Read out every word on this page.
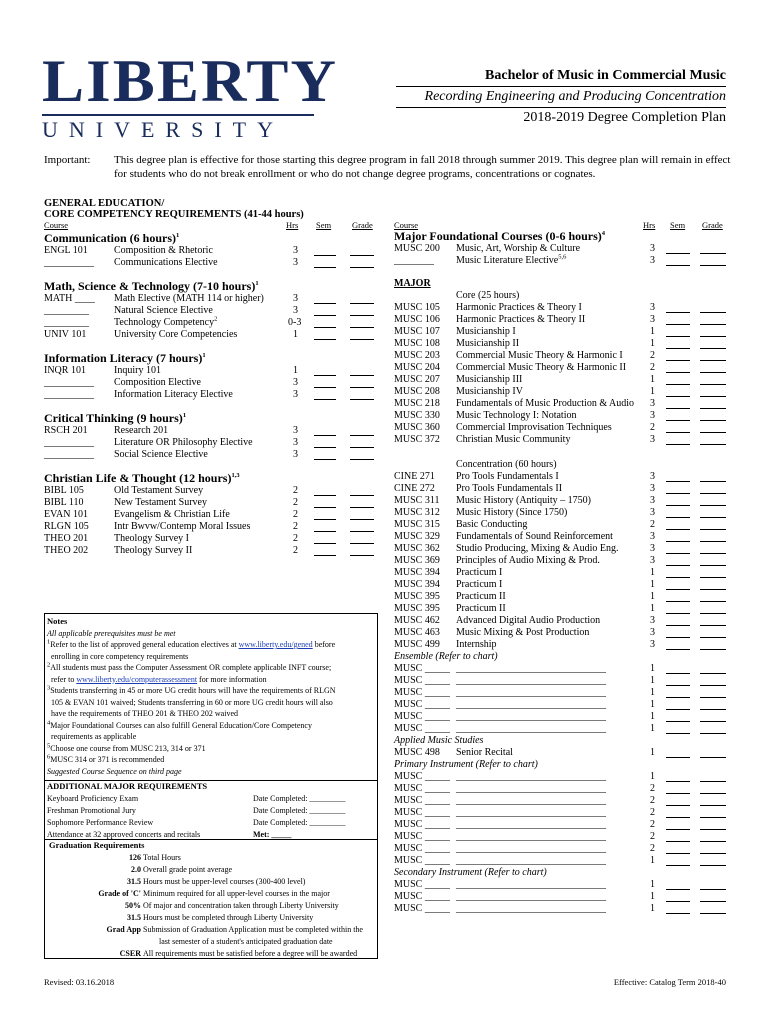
LIBERTY
UNIVERSITY
Bachelor of Music in Commercial Music
Recording Engineering and Producing Concentration
2018-2019 Degree Completion Plan
Important:	This degree plan is effective for those starting this degree program in fall 2018 through summer 2019. This degree plan will remain in effect for students who do not break enrollment or who do not change degree programs, concentrations or cognates.
GENERAL EDUCATION/
CORE COMPETENCY REQUIREMENTS (41-44 hours)
Course	Hrs Sem Grade
Communication (6 hours)$^1$
ENGL 101	Composition & Rhetoric	3
__________ Communications Elective	3
Math, Science & Technology (7-10 hours)$^1$
MATH ____ Math Elective (MATH 114 or higher)	3
_________	Natural Science Elective	3
_________	Technology Competency$^2$	0-3
UNIV 101	University Core Competencies	1
Information Literacy (7 hours)$^1$
INQR 101	Inquiry 101	1
__________ Composition Elective	3
__________ Information Literacy Elective	3
Critical Thinking (9 hours)$^1$
RSCH 201	Research 201	3
__________ Literature OR Philosophy Elective	3
__________ Social Science Elective	3
Christian Life & Thought (12 hours)$^{1,3}$
BIBL 105	Old Testament Survey	2
BIBL 110	New Testament Survey	2
EVAN 101	Evangelism & Christian Life	2
RLGN 105	Intr Bwvw/Contemp Moral Issues	2
THEO 201	Theology Survey I	2
THEO 202	Theology Survey II	2
Notes
All applicable prerequisites must be met
$^1$Refer to the list of approved general education electives at www.liberty.edu/gened before
enrolling in core competency requirements
$^2$All students must pass the Computer Assessment OR complete applicable INFT course;
refer to www.liberty.edu/computerassessment for more information
$^3$Students transferring in 45 or more UG credit hours will have the requirements of RLGN
105 & EVAN 101 waived; Students transferring in 60 or more UG credit hours will also
have the requirements of THEO 201 & THEO 202 waived
$^4$Major Foundational Courses can also fulfill General Education/Core Competency
requirements as applicable
$^5$Choose one course from MUSC 213, 314 or 371
$^6$MUSC 314 or 371 is recommended
Suggested Course Sequence on third page
ADDITIONAL MAJOR REQUIREMENTS
Keyboard Proficiency Exam	Date Completed: _________
Freshman Promotional Jury	Date Completed: _________
Sophomore Performance Review	Date Completed: _________
Attendance at 32 approved concerts and recitals	Met: _____
Graduation Requirements
126 Total Hours
2.0 Overall grade point average
31.5 Hours must be upper-level courses (300-400 level)
Grade of 'C' Minimum required for all upper-level courses in the major
50% Of major and concentration taken through Liberty University
31.5 Hours must be completed through Liberty University
Grad App Submission of Graduation Application must be completed within the
last semester of a student's anticipated graduation date
CSER All requirements must be satisfied before a degree will be awarded
Course	Hrs Sem Grade
Major Foundational Courses (0-6 hours)$^4$
MUSC 200 Music, Art, Worship & Culture	3
________ Music Literature Elective$^{5,6}$	3
MAJOR
Core (25 hours)
MUSC 105 Harmonic Practices & Theory I	3
MUSC 106 Harmonic Practices & Theory II	3
MUSC 107 Musicianship I	1
MUSC 108 Musicianship II	1
MUSC 203 Commercial Music Theory & Harmonic I	2
MUSC 204 Commercial Music Theory & Harmonic II 2
MUSC 207 Musicianship III	1
MUSC 208 Musicianship IV	1
MUSC 218 Fundamentals of Music Production & Audio 3
MUSC 330 Music Technology I: Notation	3
MUSC 360 Commercial Improvisation Techniques	2
MUSC 372 Christian Music Community	3
Concentration (60 hours)
CINE 271 Pro Tools Fundamentals I	3
CINE 272 Pro Tools Fundamentals II	3
MUSC 311 Music History (Antiquity – 1750)	3
MUSC 312 Music History (Since 1750)	3
MUSC 315 Basic Conducting	2
MUSC 329 Fundamentals of Sound Reinforcement	3
MUSC 362 Studio Producing, Mixing & Audio Eng.	3
MUSC 369 Principles of Audio Mixing & Prod.	3
MUSC 394 Practicum I	1
MUSC 394 Practicum I	1
MUSC 395 Practicum II	1
MUSC 395 Practicum II	1
MUSC 462 Advanced Digital Audio Production	3
MUSC 463 Music Mixing & Post Production	3
MUSC 499 Internship	3
Ensemble (Refer to chart)
MUSC _____ ______________________________	1
MUSC _____ ______________________________	1
MUSC _____ ______________________________	1
MUSC _____ ______________________________	1
MUSC _____ ______________________________	1
MUSC _____ ______________________________	1
Applied Music Studies
MUSC 498 Senior Recital	1
Primary Instrument (Refer to chart)
MUSC _____ ______________________________	1
MUSC _____ ______________________________	2
MUSC _____ ______________________________	2
MUSC _____ ______________________________	2
MUSC _____ ______________________________	2
MUSC _____ ______________________________	2
MUSC _____ ______________________________	2
MUSC _____ ______________________________	1
Secondary Instrument (Refer to chart)
MUSC _____ ______________________________	1
MUSC _____ ______________________________	1
MUSC _____ ______________________________	1
Revised: 03.16.2018	Effective: Catalog Term 2018-40
